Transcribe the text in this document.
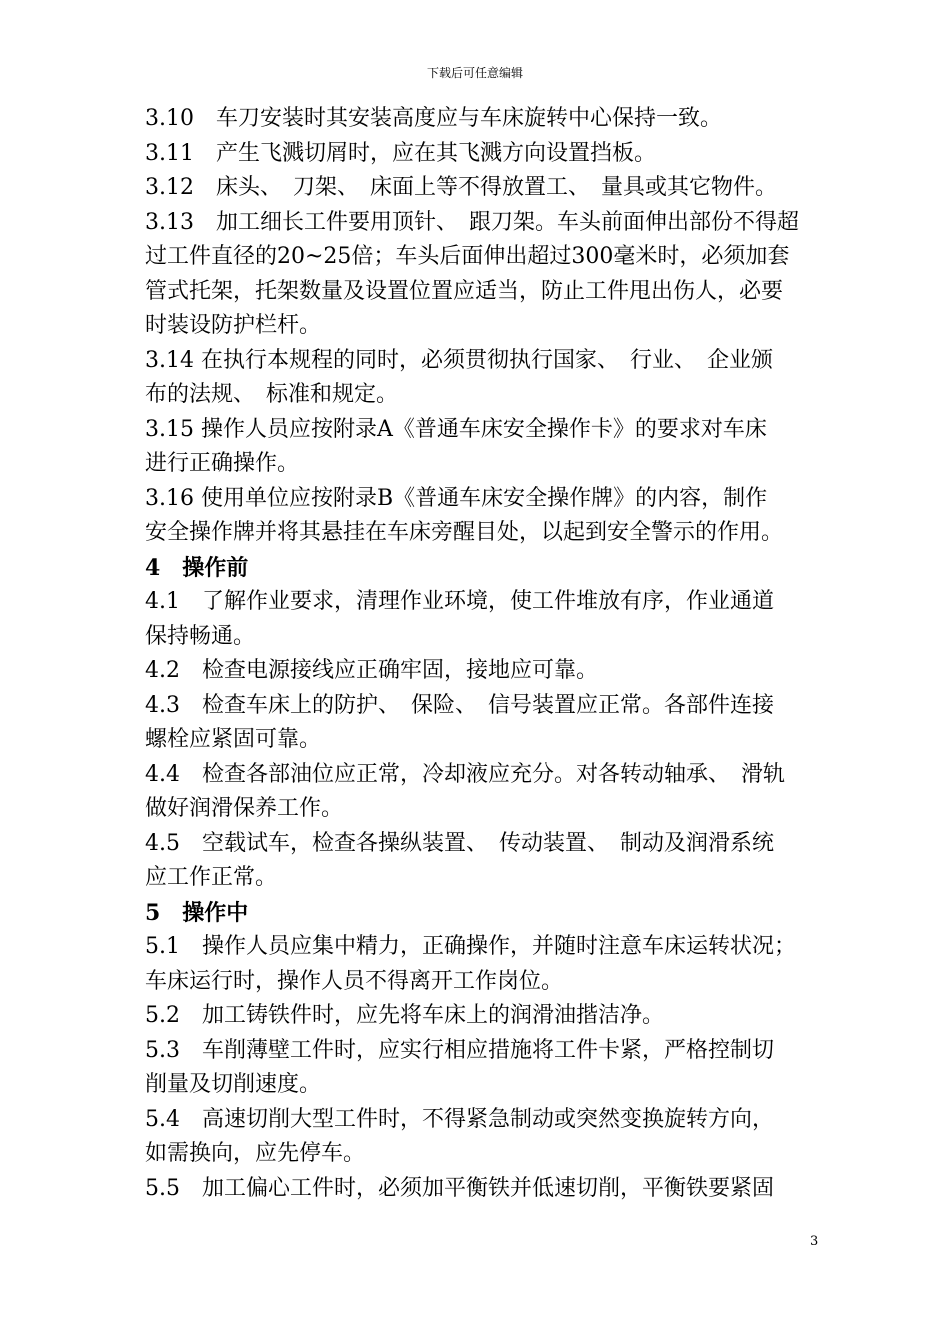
下载后可任意编辑

3.10　车刀安装时其安装高度应与车床旋转中心保持一致。

3.11　产生飞溅切屑时，应在其飞溅方向设置挡板。

3.12　床头、　刀架、　床面上等不得放置工、　量具或其它物件。

3.13　加工细长工件要用顶针、　跟刀架。车头前面伸出部份不得超
过工件直径的20~25倍；车头后面伸出超过300毫米时，必须加套
管式托架，托架数量及设置位置应适当，防止工件甩出伤人，必要
时装设防护栏杆。

3.14 在执行本规程的同时，必须贯彻执行国家、　行业、　企业颁
布的法规、　标准和规定。

3.15 操作人员应按附录A《普通车床安全操作卡》的要求对车床
进行正确操作。

3.16 使用单位应按附录B《普通车床安全操作牌》的内容，制作
安全操作牌并将其悬挂在车床旁醒目处，以起到安全警示的作用。

4　操作前

4.1　了解作业要求，清理作业环境，使工件堆放有序，作业通道
保持畅通。

4.2　检查电源接线应正确牢固，接地应可靠。

4.3　检查车床上的防护、　保险、　信号装置应正常。各部件连接
螺栓应紧固可靠。

4.4　检查各部油位应正常，冷却液应充分。对各转动轴承、　滑轨
做好润滑保养工作。

4.5　空载试车，检查各操纵装置、　传动装置、　制动及润滑系统
应工作正常。

5　操作中

5.1　操作人员应集中精力，正确操作，并随时注意车床运转状况；
车床运行时，操作人员不得离开工作岗位。

5.2　加工铸铁件时，应先将车床上的润滑油揩洁净。

5.3　车削薄壁工件时，应实行相应措施将工件卡紧，严格控制切
削量及切削速度。

5.4　高速切削大型工件时，不得紧急制动或突然变换旋转方向，
如需换向，应先停车。

5.5　加工偏心工件时，必须加平衡铁并低速切削，平衡铁要紧固

3
